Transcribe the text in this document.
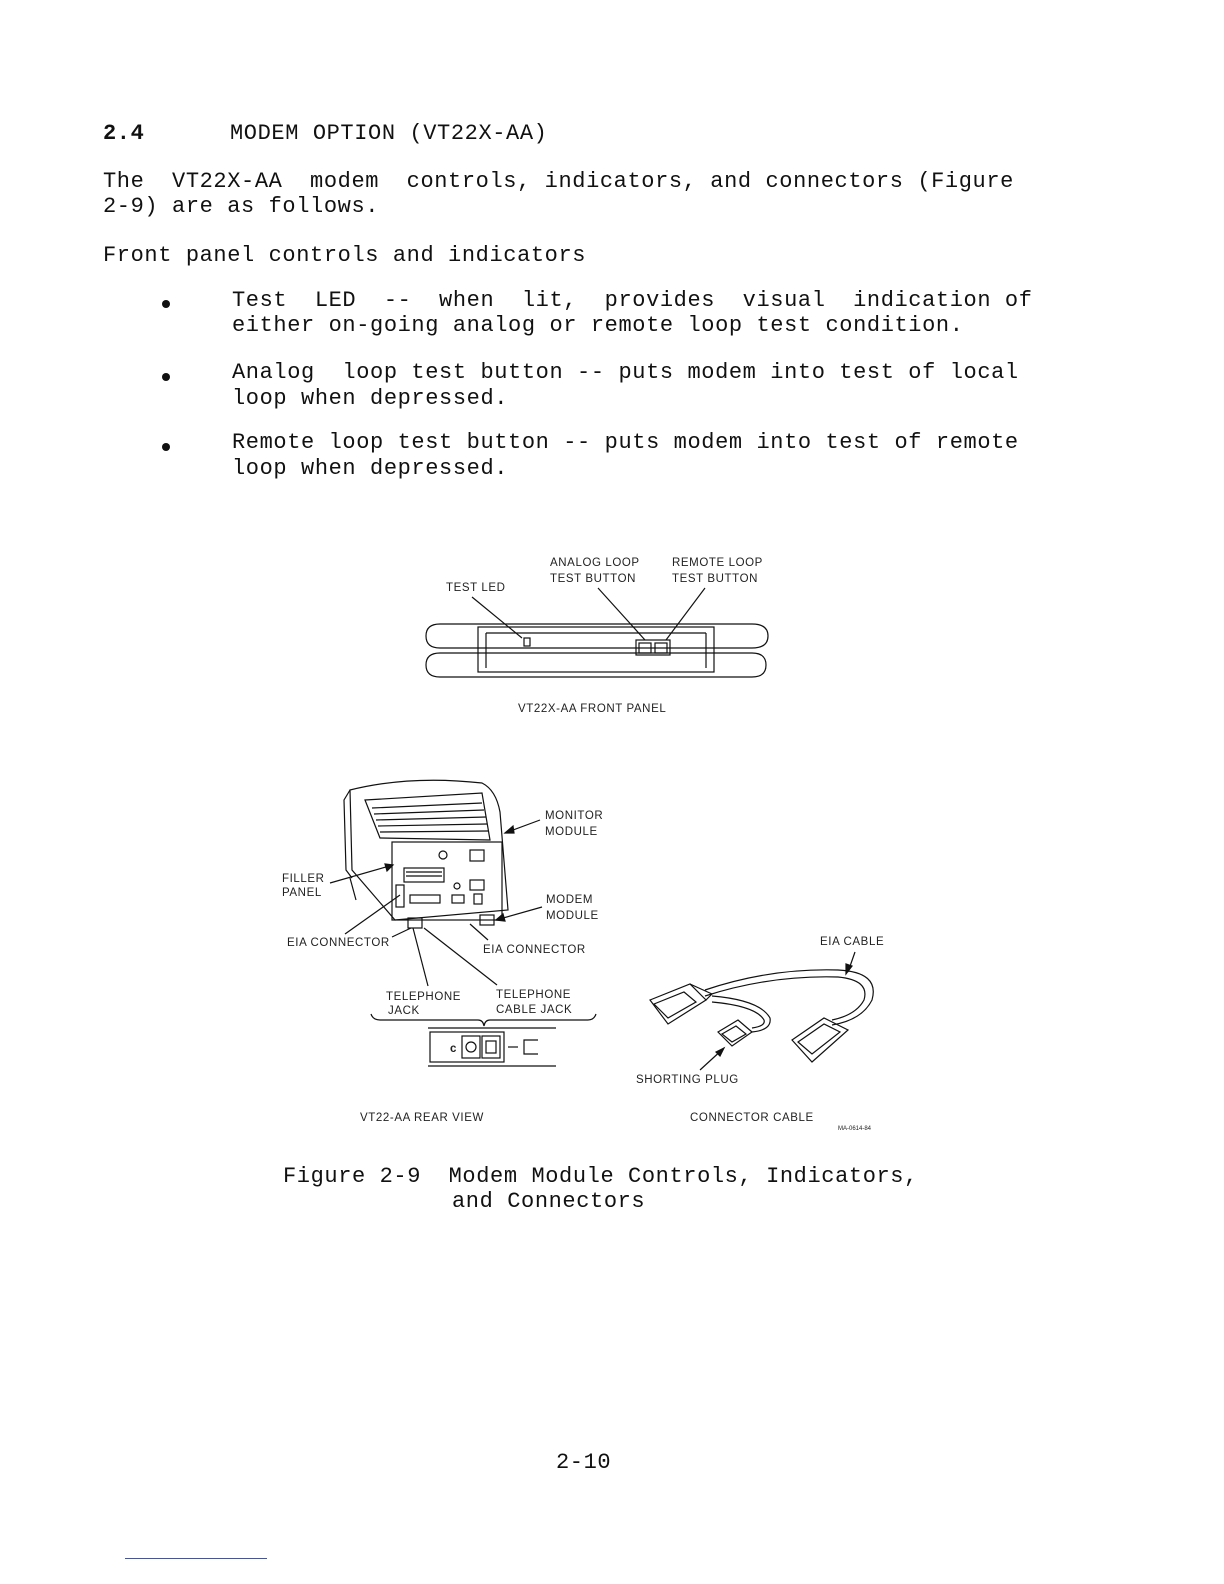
2.4	MODEM OPTION (VT22X-AA)
The  VT22X-AA  modem  controls, indicators, and connectors (Figure
2-9) are as follows.
Front panel controls and indicators
Test  LED  --  when  lit,  provides  visual  indication of
either on-going analog or remote loop test condition.
Analog  loop test button -- puts modem into test of local
loop when depressed.
Remote loop test button -- puts modem into test of remote
loop when depressed.
TEST LED
ANALOG LOOP
TEST BUTTON
REMOTE LOOP
TEST BUTTON
VT22X-AA FRONT PANEL
MONITOR
MODULE
FILLER
PANEL
MODEM
MODULE
EIA CONNECTOR
EIA CONNECTOR
TELEPHONE
JACK
TELEPHONE
CABLE JACK
c
VT22-AA REAR VIEW
EIA CABLE
SHORTING PLUG
CONNECTOR CABLE
MA-0614-84
Figure 2-9  Modem Module Controls, Indicators,
and Connectors
2-10
